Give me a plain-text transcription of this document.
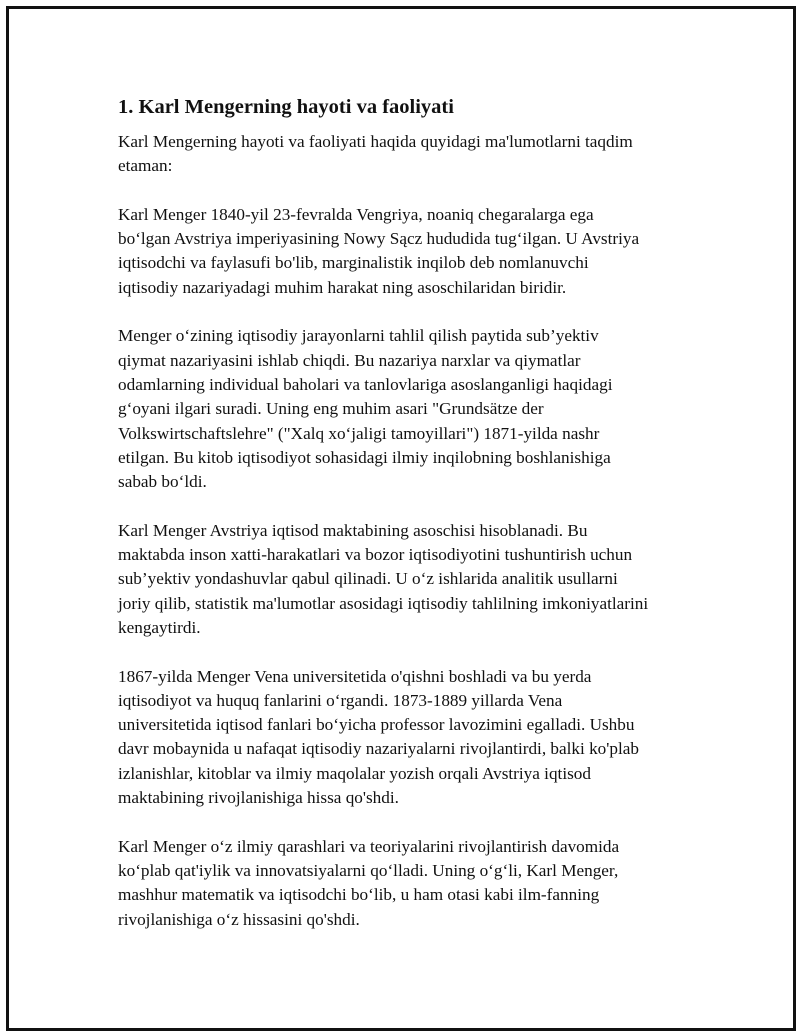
1. Karl Mengerning hayoti va faoliyati

Karl Mengerning hayoti va faoliyati haqida quyidagi ma'lumotlarni taqdim
etaman:

Karl Menger 1840-yil 23-fevralda Vengriya, noaniq chegaralarga ega
bo‘lgan Avstriya imperiyasining Nowy Sącz hududida tug‘ilgan. U Avstriya
iqtisodchi va faylasufi bo'lib, marginalistik inqilob deb nomlanuvchi
iqtisodiy nazariyadagi muhim harakat ning asoschilaridan biridir.

Menger o‘zining iqtisodiy jarayonlarni tahlil qilish paytida sub’yektiv
qiymat nazariyasini ishlab chiqdi. Bu nazariya narxlar va qiymatlar
odamlarning individual baholari va tanlovlariga asoslanganligi haqidagi
g‘oyani ilgari suradi. Uning eng muhim asari "Grundsätze der
Volkswirtschaftslehre" ("Xalq xo‘jaligi tamoyillari") 1871-yilda nashr
etilgan. Bu kitob iqtisodiyot sohasidagi ilmiy inqilobning boshlanishiga
sabab bo‘ldi.

Karl Menger Avstriya iqtisod maktabining asoschisi hisoblanadi. Bu
maktabda inson xatti-harakatlari va bozor iqtisodiyotini tushuntirish uchun
sub’yektiv yondashuvlar qabul qilinadi. U o‘z ishlarida analitik usullarni
joriy qilib, statistik ma'lumotlar asosidagi iqtisodiy tahlilning imkoniyatlarini
kengaytirdi.

1867-yilda Menger Vena universitetida o'qishni boshladi va bu yerda
iqtisodiyot va huquq fanlarini o‘rgandi. 1873-1889 yillarda Vena
universitetida iqtisod fanlari bo‘yicha professor lavozimini egalladi. Ushbu
davr mobaynida u nafaqat iqtisodiy nazariyalarni rivojlantirdi, balki ko'plab
izlanishlar, kitoblar va ilmiy maqolalar yozish orqali Avstriya iqtisod
maktabining rivojlanishiga hissa qo'shdi.

Karl Menger o‘z ilmiy qarashlari va teoriyalarini rivojlantirish davomida
ko‘plab qat'iylik va innovatsiyalarni qo‘lladi. Uning o‘g‘li, Karl Menger,
mashhur matematik va iqtisodchi bo‘lib, u ham otasi kabi ilm-fanning
rivojlanishiga o‘z hissasini qo'shdi.
